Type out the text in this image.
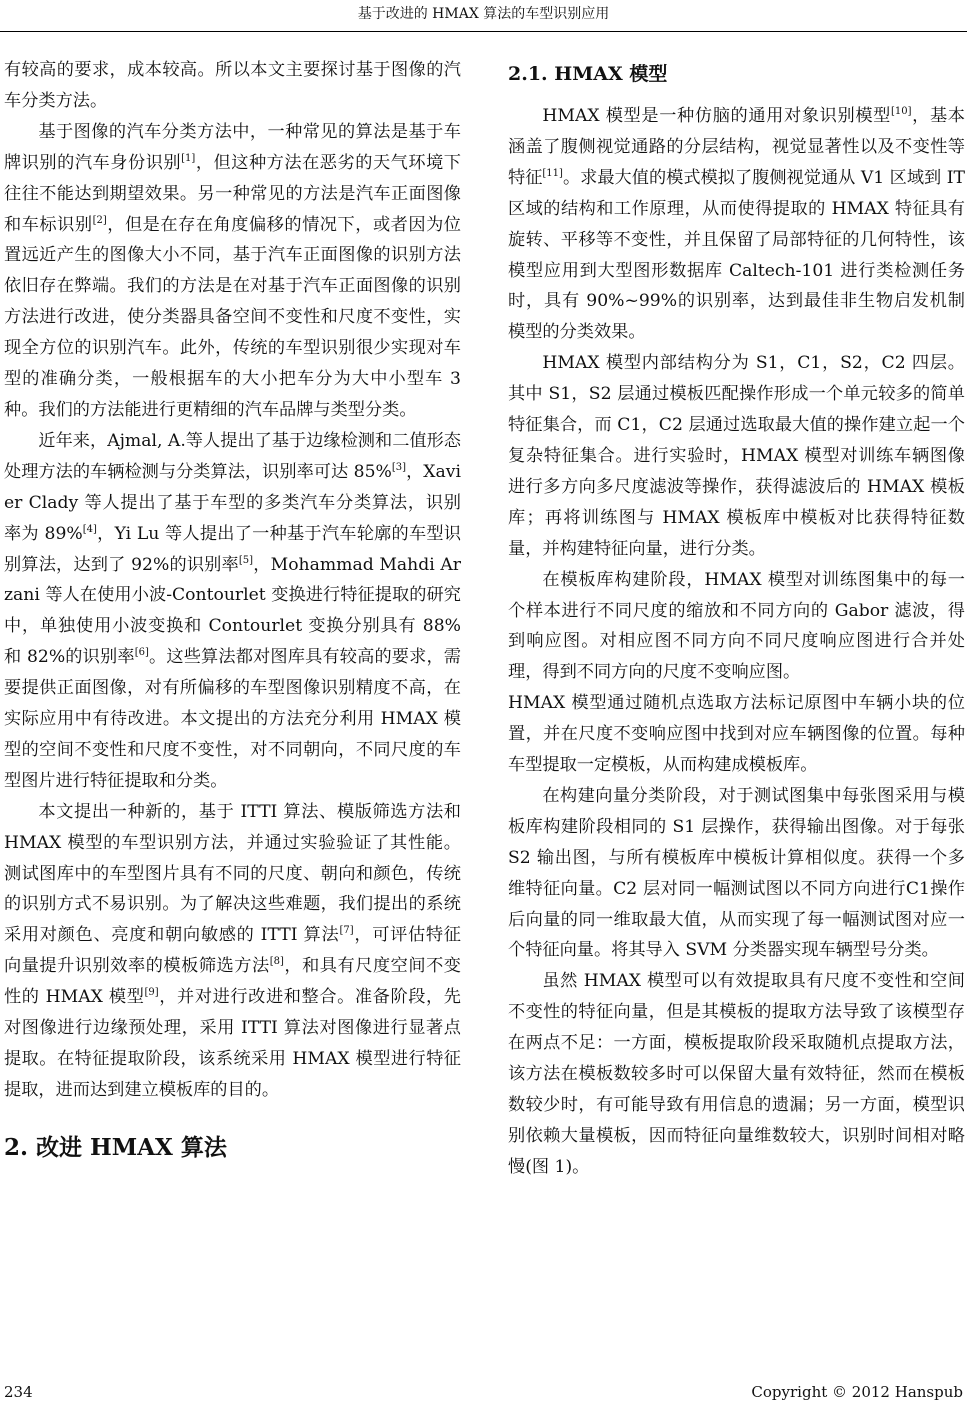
基于改进的 HMAX 算法的车型识别应用

有较高的要求，成本较高。所以本文主要探讨基于图像的汽车分类方法。

基于图像的汽车分类方法中，一种常见的算法是基于车牌识别的汽车身份识别[1]，但这种方法在恶劣的天气环境下往往不能达到期望效果。另一种常见的方法是汽车正面图像和车标识别[2]，但是在存在角度偏移的情况下，或者因为位置远近产生的图像大小不同，基于汽车正面图像的识别方法依旧存在弊端。我们的方法是在对基于汽车正面图像的识别方法进行改进，使分类器具备空间不变性和尺度不变性，实现全方位的识别汽车。此外，传统的车型识别很少实现对车型的准确分类，一般根据车的大小把车分为大中小型车 3 种。我们的方法能进行更精细的汽车品牌与类型分类。

近年来，Ajmal, A.等人提出了基于边缘检测和二值形态处理方法的车辆检测与分类算法，识别率可达 85%[3]，Xavier Clady 等人提出了基于车型的多类汽车分类算法，识别率为 89%[4]，Yi Lu 等人提出了一种基于汽车轮廓的车型识别算法，达到了 92%的识别率[5]，Mohammad Mahdi Arzani 等人在使用小波-Contourlet 变换进行特征提取的研究中，单独使用小波变换和 Contourlet 变换分别具有 88%和 82%的识别率[6]。这些算法都对图库具有较高的要求，需要提供正面图像，对有所偏移的车型图像识别精度不高，在实际应用中有待改进。本文提出的方法充分利用 HMAX 模型的空间不变性和尺度不变性，对不同朝向，不同尺度的车型图片进行特征提取和分类。

本文提出一种新的，基于 ITTI 算法、模版筛选方法和 HMAX 模型的车型识别方法，并通过实验验证了其性能。测试图库中的车型图片具有不同的尺度、朝向和颜色，传统的识别方式不易识别。为了解决这些难题，我们提出的系统采用对颜色、亮度和朝向敏感的 ITTI 算法[7]，可评估特征向量提升识别效率的模板筛选方法[8]，和具有尺度空间不变性的 HMAX 模型[9]，并对进行改进和整合。准备阶段，先对图像进行边缘预处理，采用 ITTI 算法对图像进行显著点提取。在特征提取阶段，该系统采用 HMAX 模型进行特征提取，进而达到建立模板库的目的。

2. 改进 HMAX 算法
2.1. HMAX 模型

HMAX 模型是一种仿脑的通用对象识别模型[10]，基本涵盖了腹侧视觉通路的分层结构，视觉显著性以及不变性等特征[11]。求最大值的模式模拟了腹侧视觉通从 V1 区域到 IT 区域的结构和工作原理，从而使得提取的 HMAX 特征具有旋转、平移等不变性，并且保留了局部特征的几何特性，该模型应用到大型图形数据库 Caltech-101 进行类检测任务时，具有 90%~99%的识别率，达到最佳非生物启发机制模型的分类效果。

HMAX 模型内部结构分为 S1，C1，S2，C2 四层。其中 S1，S2 层通过模板匹配操作形成一个单元较多的简单特征集合，而 C1，C2 层通过选取最大值的操作建立起一个复杂特征集合。进行实验时，HMAX 模型对训练车辆图像进行多方向多尺度滤波等操作，获得滤波后的 HMAX 模板库；再将训练图与 HMAX 模板库中模板对比获得特征数量，并构建特征向量，进行分类。

在模板库构建阶段，HMAX 模型对训练图集中的每一个样本进行不同尺度的缩放和不同方向的 Gabor 滤波，得到响应图。对相应图不同方向不同尺度响应图进行合并处理，得到不同方向的尺度不变响应图。

HMAX 模型通过随机点选取方法标记原图中车辆小块的位置，并在尺度不变响应图中找到对应车辆图像的位置。每种车型提取一定模板，从而构建成模板库。

在构建向量分类阶段，对于测试图集中每张图采用与模板库构建阶段相同的 S1 层操作，获得输出图像。对于每张 S2 输出图，与所有模板库中模板计算相似度。获得一个多维特征向量。C2 层对同一幅测试图以不同方向进行C1操作后向量的同一维取最大值，从而实现了每一幅测试图对应一个特征向量。将其导入 SVM 分类器实现车辆型号分类。

虽然 HMAX 模型可以有效提取具有尺度不变性和空间不变性的特征向量，但是其模板的提取方法导致了该模型存在两点不足：一方面，模板提取阶段采取随机点提取方法，该方法在模板数较多时可以保留大量有效特征，然而在模板数较少时，有可能导致有用信息的遗漏；另一方面，模型识别依赖大量模板，因而特征向量维数较大，识别时间相对略慢(图 1)。

234	Copyright © 2012 Hanspub
